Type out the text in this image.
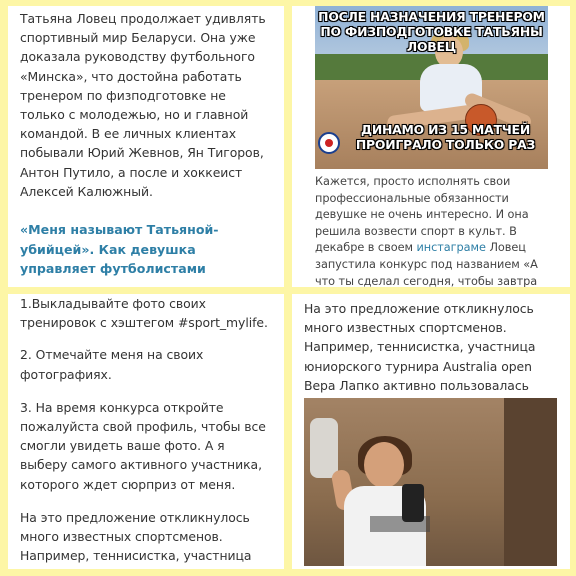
Татьяна Ловец продолжает удивлять спортивный мир Беларуси. Она уже доказала руководству футбольного «Минска», что достойна работать тренером по физподготовке не только с молодежью, но и главной командой. В ее личных клиентах побывали Юрий Жевнов, Ян Тигоров, Антон Путило, а после и хоккеист Алексей Калюжный.

«Меня называют Татьяной-убийцей». Как девушка управляет футболистами

ПОСЛЕ НАЗНАЧЕНИЯ ТРЕНЕРОМ ПО ФИЗПОДГОТОВКЕ ТАТЬЯНЫ ЛОВЕЦ
ДИНАМО ИЗ 15 МАТЧЕЙ ПРОИГРАЛО ТОЛЬКО РАЗ

Кажется, просто исполнять свои профессиональные обязанности девушке не очень интересно. И она решила возвести спорт в культ. В декабре в своем инстаграме Ловец запустила конкурс под названием «А что ты сделал сегодня, чтобы завтра

1.Выкладывайте фото своих тренировок с хэштегом #sport_mylife.

2. Отмечайте меня на своих фотографиях.

3. На время конкурса откройте пожалуйста свой профиль, чтобы все смогли увидеть ваше фото. А я выберу самого активного участника, которого ждет сюрприз от меня.

На это предложение откликнулось много известных спортсменов. Например, теннисистка, участница

На это предложение откликнулось много известных спортсменов. Например, теннисистка, участница юниорского турнира Australia open Вера Лапко активно пользовалась
